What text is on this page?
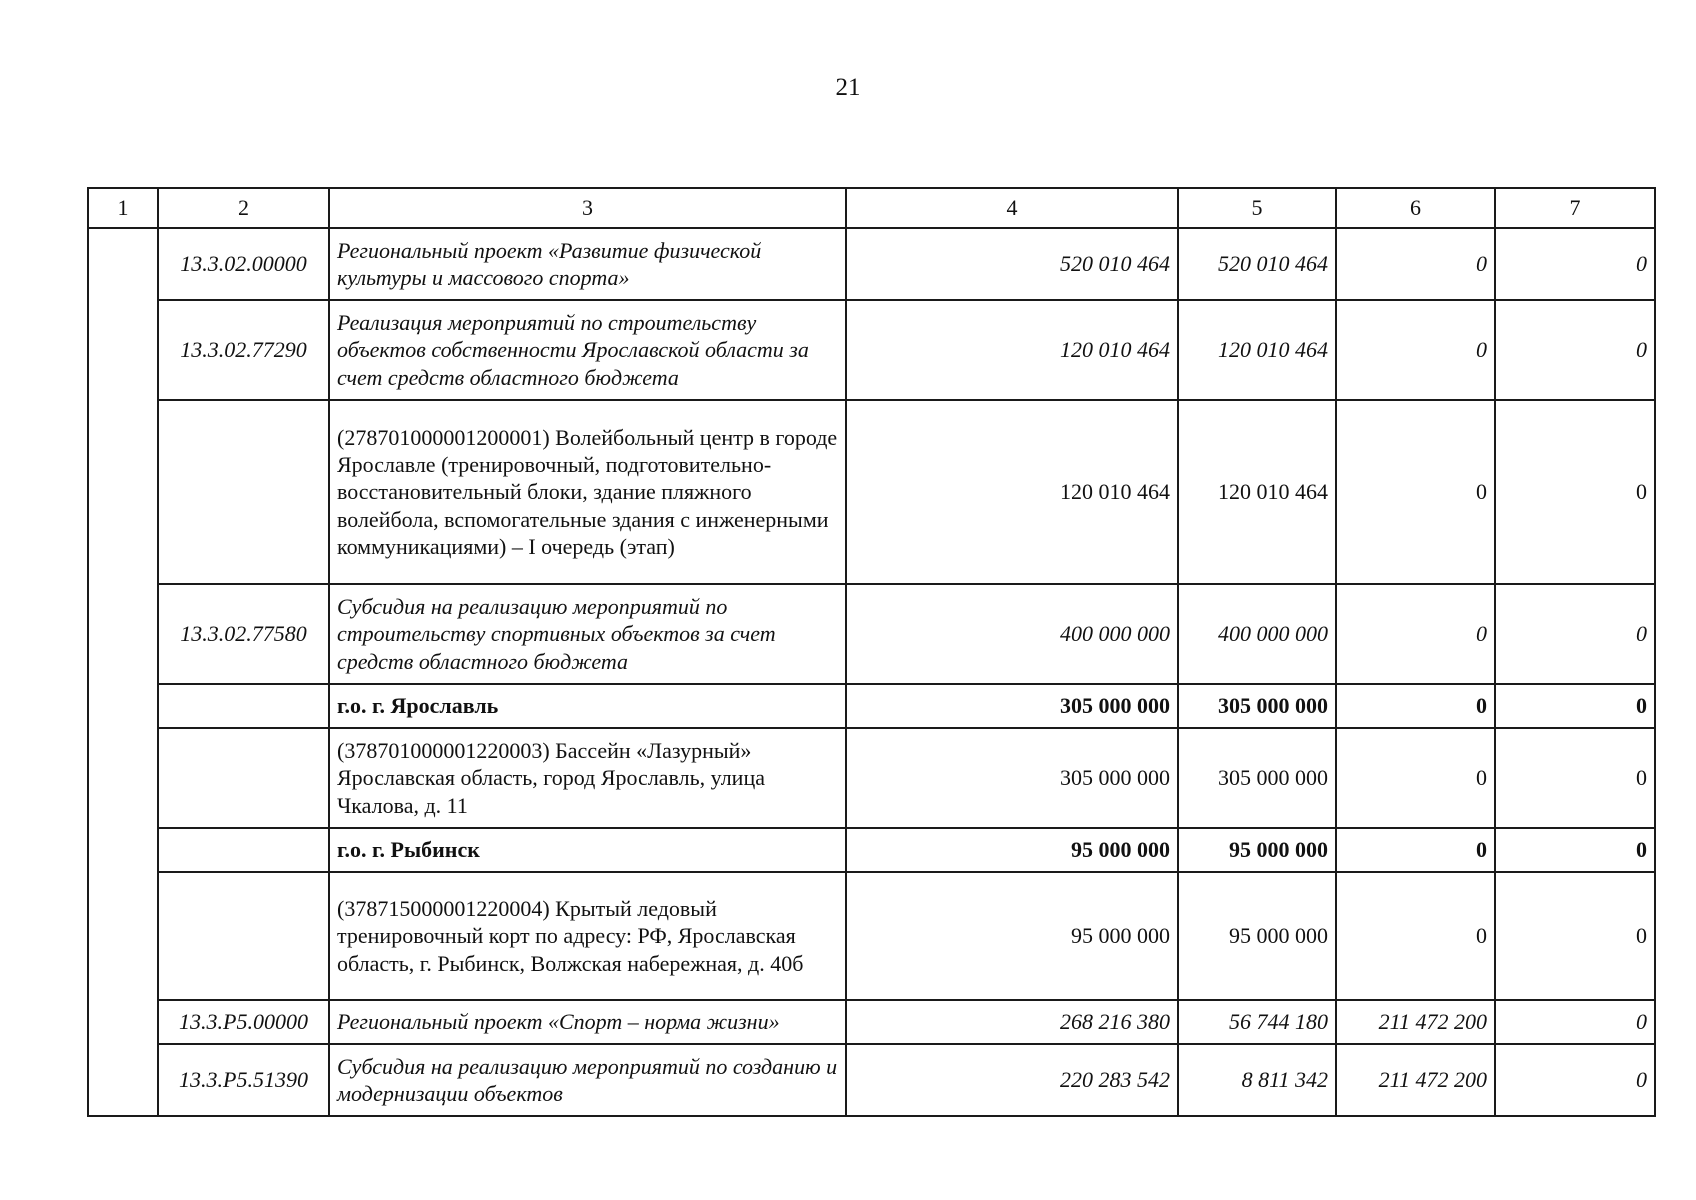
21
1	2	3	4	5	6	7
	13.3.02.00000	Региональный проект «Развитие физической культуры и массового спорта»	520 010 464	520 010 464	0	0
	13.3.02.77290	Реализация мероприятий по строительству объектов собственности Ярославской области за счет средств областного бюджета	120 010 464	120 010 464	0	0
		(278701000001200001) Волейбольный центр в городе Ярославле (тренировочный, подготовительно-восстановительный блоки, здание пляжного волейбола, вспомогательные здания с инженерными коммуникациями) – I очередь (этап)	120 010 464	120 010 464	0	0
	13.3.02.77580	Субсидия на реализацию мероприятий по строительству спортивных объектов за счет средств областного бюджета	400 000 000	400 000 000	0	0
		г.о. г. Ярославль	305 000 000	305 000 000	0	0
		(378701000001220003) Бассейн «Лазурный» Ярославская область, город Ярославль, улица Чкалова, д. 11	305 000 000	305 000 000	0	0
		г.о. г. Рыбинск	95 000 000	95 000 000	0	0
		(378715000001220004) Крытый ледовый тренировочный корт по адресу: РФ, Ярославская область, г. Рыбинск, Волжская набережная, д. 40б	95 000 000	95 000 000	0	0
	13.3.P5.00000	Региональный проект «Спорт – норма жизни»	268 216 380	56 744 180	211 472 200	0
	13.3.P5.51390	Субсидия на реализацию мероприятий по созданию и модернизации объектов	220 283 542	8 811 342	211 472 200	0
